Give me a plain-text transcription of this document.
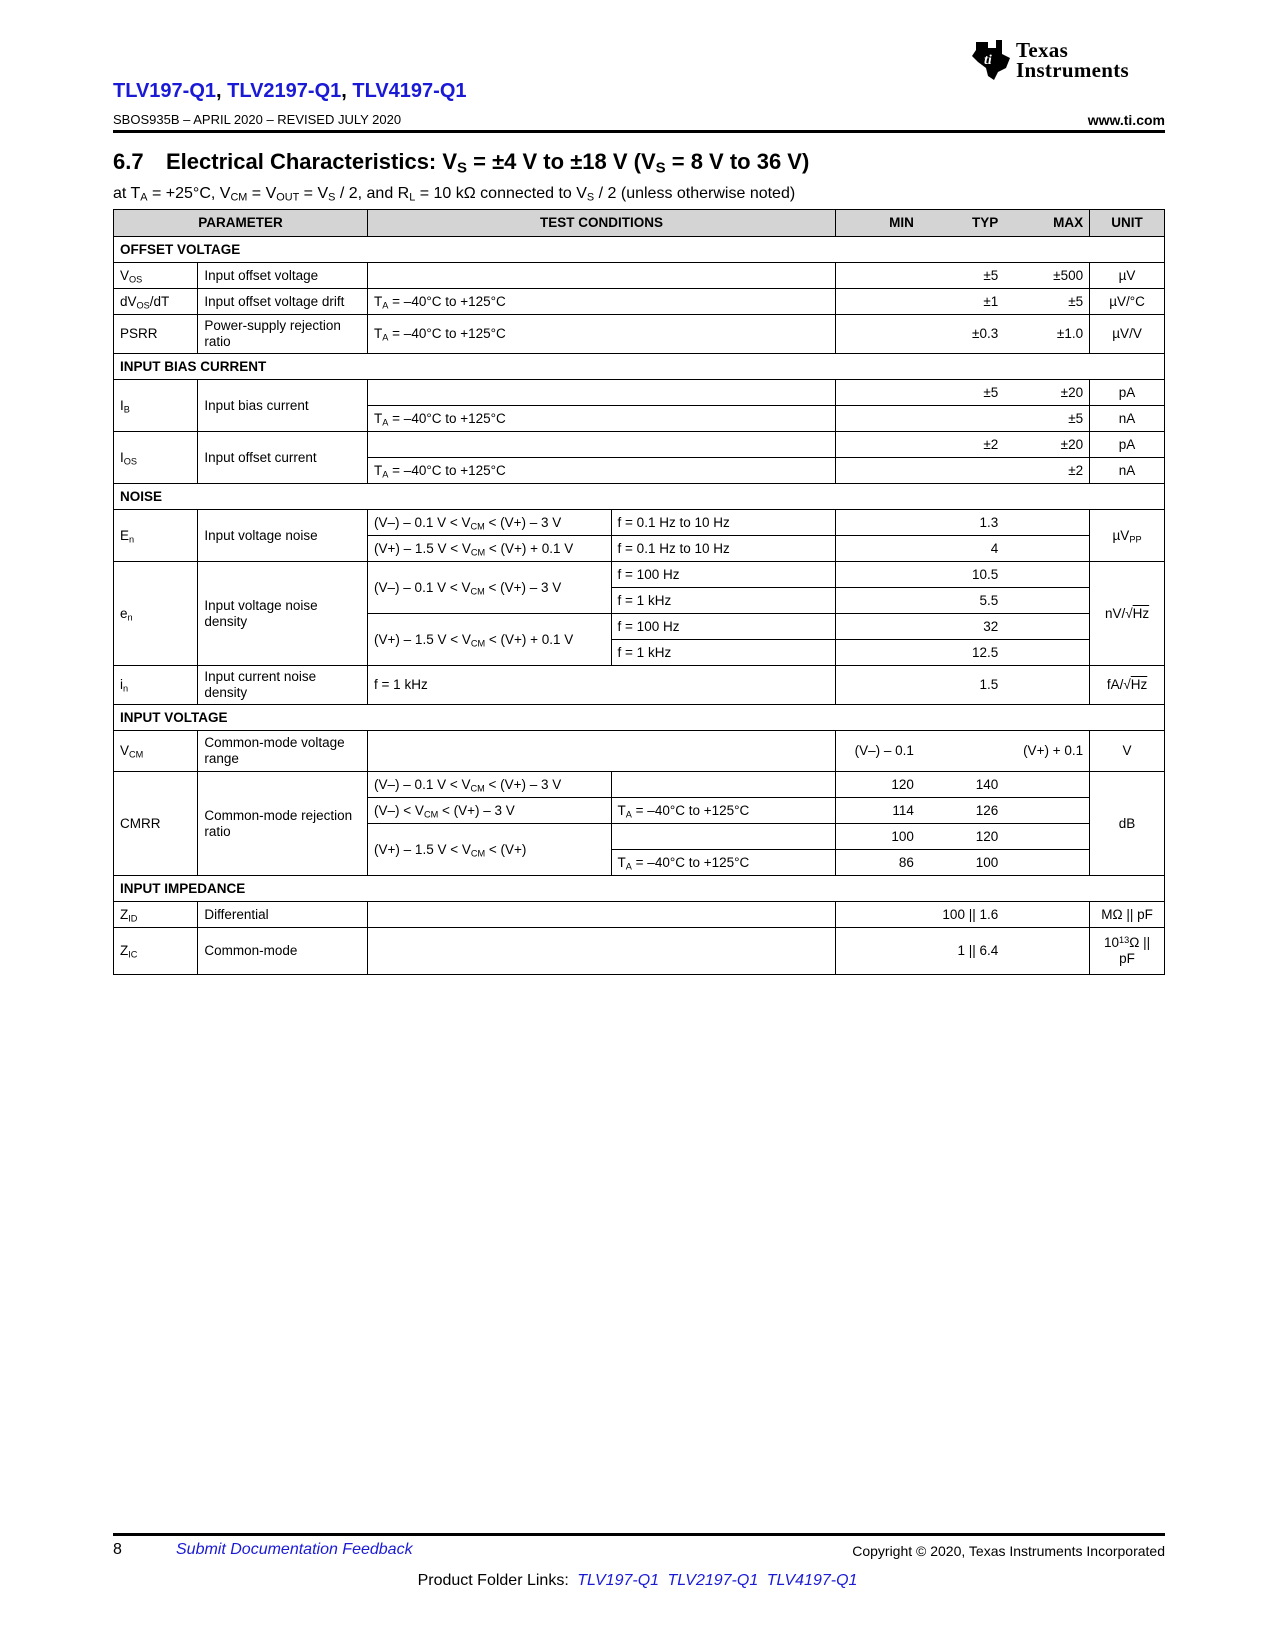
ti Texas
Instruments
TLV197-Q1, TLV2197-Q1, TLV4197-Q1
SBOS935B – APRIL 2020 – REVISED JULY 2020	www.ti.com
6.7 Electrical Characteristics: $V_S = \pm 4$ V to ±18 V ($V_S = 8$ V to 36 V)
at $T_A = +25^\circ C$, $V_{CM} = V_{OUT} = V_S / 2$, and $R_L = 10$ kΩ connected to $V_S / 2$ (unless otherwise noted)
PARAMETER		TEST CONDITIONS		MIN	TYP	MAX	UNIT
OFFSET VOLTAGE							
$V_{OS}$	Input offset voltage				±5	±500	µV
$dV_{OS}/dT$	Input offset voltage drift	$T_A = -40^\circ C$ to +125°C			±1	±5	µV/°C
PSRR	Power-supply rejection ratio	$T_A = -40^\circ C$ to +125°C			±0.3	±1.0	µV/V
INPUT BIAS CURRENT							
$I_B$	Input bias current				±5	±20	pA
		$T_A = -40^\circ C$ to +125°C				±5	nA
$I_{OS}$	Input offset current				±2	±20	pA
		$T_A = -40^\circ C$ to +125°C				±2	nA
NOISE							
$E_n$	Input voltage noise	(V–) – 0.1 $V < V_{CM} < (V+) - 3$ V	f = 0.1 Hz to 10 Hz		1.3		µV$_{PP}$
		(V+) – 1.5 $V < V_{CM} < (V+) + 0.1$ V	f = 0.1 Hz to 10 Hz		4		
$e_n$	Input voltage noise density	(V–) – 0.1 $V < V_{CM} < (V+) - 3$ V	f = 100 Hz		10.5		nV/√Hz
			f = 1 kHz		5.5		
		(V+) – 1.5 $V < V_{CM} < (V+) + 0.1$ V	f = 100 Hz		32		
			f = 1 kHz		12.5		
$i_n$	Input current noise density	f = 1 kHz			1.5		fA/√Hz
INPUT VOLTAGE							
$V_{CM}$	Common-mode voltage range			(V–) – 0.1		(V+) + 0.1	V
CMRR	Common-mode rejection ratio	(V–) – 0.1 $V < V_{CM} < (V+) - 3$ V		120	140		dB
		$(V-) < V_{CM} < (V+) - 3$ V	$T_A = -40^\circ C$ to +125°C	114	126		
		(V+) – 1.5 $V < V_{CM} < (V+)$		100	120		
			$T_A = -40^\circ C$ to +125°C	86	100		
INPUT IMPEDANCE							
$Z_{ID}$	Differential				100 || 1.6		MΩ || pF
$Z_{IC}$	Common-mode				1 || 6.4		$10^{13}\Omega$ || pF
8	Submit Documentation Feedback	Copyright © 2020, Texas Instruments Incorporated
Product Folder Links: TLV197-Q1 TLV2197-Q1 TLV4197-Q1
